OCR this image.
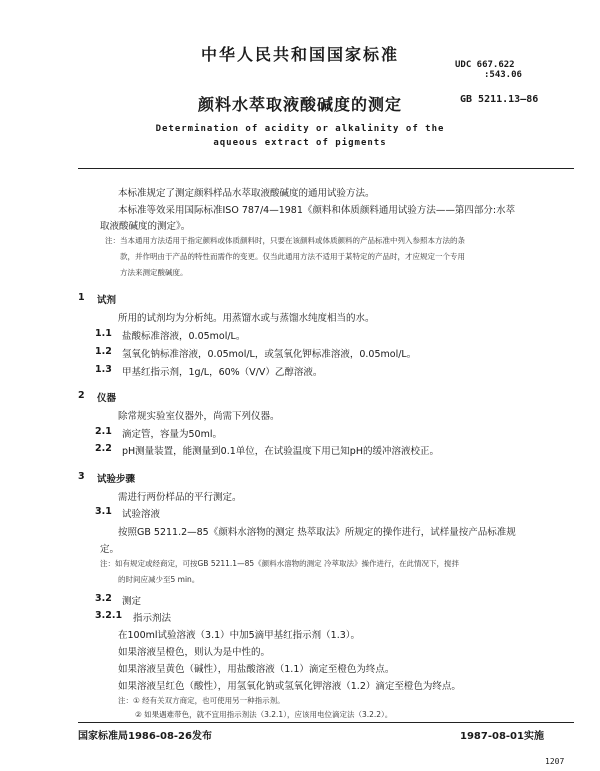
中华人民共和国国家标准
UDC 667.622
:543.06
颜料水萃取液酸碱度的测定	GB 5211.13—86
Determination of acidity or alkalinity of the
aqueous extract of pigments
本标准规定了测定颜料样品水萃取液酸碱度的通用试验方法。
本标准等效采用国际标准ISO 787/4—1981《颜料和体质颜料通用试验方法——第四部分:水萃
取液酸碱度的测定》。
注：当本通用方法适用于指定颜料或体质颜料时，只要在该颜料或体质颜料的产品标准中列入参照本方法的条
款，并作明由于产品的特性而需作的变更。仅当此通用方法不适用于某特定的产品时，才应规定一个专用
方法来测定酸碱度。
1 试剂
所用的试剂均为分析纯。用蒸馏水或与蒸馏水纯度相当的水。
1.1 盐酸标准溶液，0.05mol/L。
1.2 氢氧化钠标准溶液，0.05mol/L，或氢氧化钾标准溶液，0.05mol/L。
1.3 甲基红指示剂，1g/L，60%（V/V）乙醇溶液。
2 仪器
除常规实验室仪器外，尚需下列仪器。
2.1 滴定管，容量为50ml。
2.2 pH测量装置，能测量到0.1单位，在试验温度下用已知pH的缓冲溶液校正。
3 试验步骤
需进行两份样品的平行测定。
3.1 试验溶液
按照GB 5211.2—85《颜料水溶物的测定 热萃取法》所规定的操作进行，试样量按产品标准规
定。
注：如有规定或经商定，可按GB 5211.1—85《颜料水溶物的测定 冷萃取法》操作进行，在此情况下，搅拌
的时间应减少至5 min。
3.2 测定
3.2.1 指示剂法
在100ml试验溶液（3.1）中加5滴甲基红指示剂（1.3）。
如果溶液呈橙色，则认为是中性的。
如果溶液呈黄色（碱性），用盐酸溶液（1.1）滴定至橙色为终点。
如果溶液呈红色（酸性），用氢氧化钠或氢氧化钾溶液（1.2）滴定至橙色为终点。
注：① 经有关双方商定，也可使用另一种指示剂。
② 如果遇难带色，就不宜用指示剂法（3.2.1），应该用电位滴定法（3.2.2）。
国家标准局1986-08-26发布	1987-08-01实施
1207
